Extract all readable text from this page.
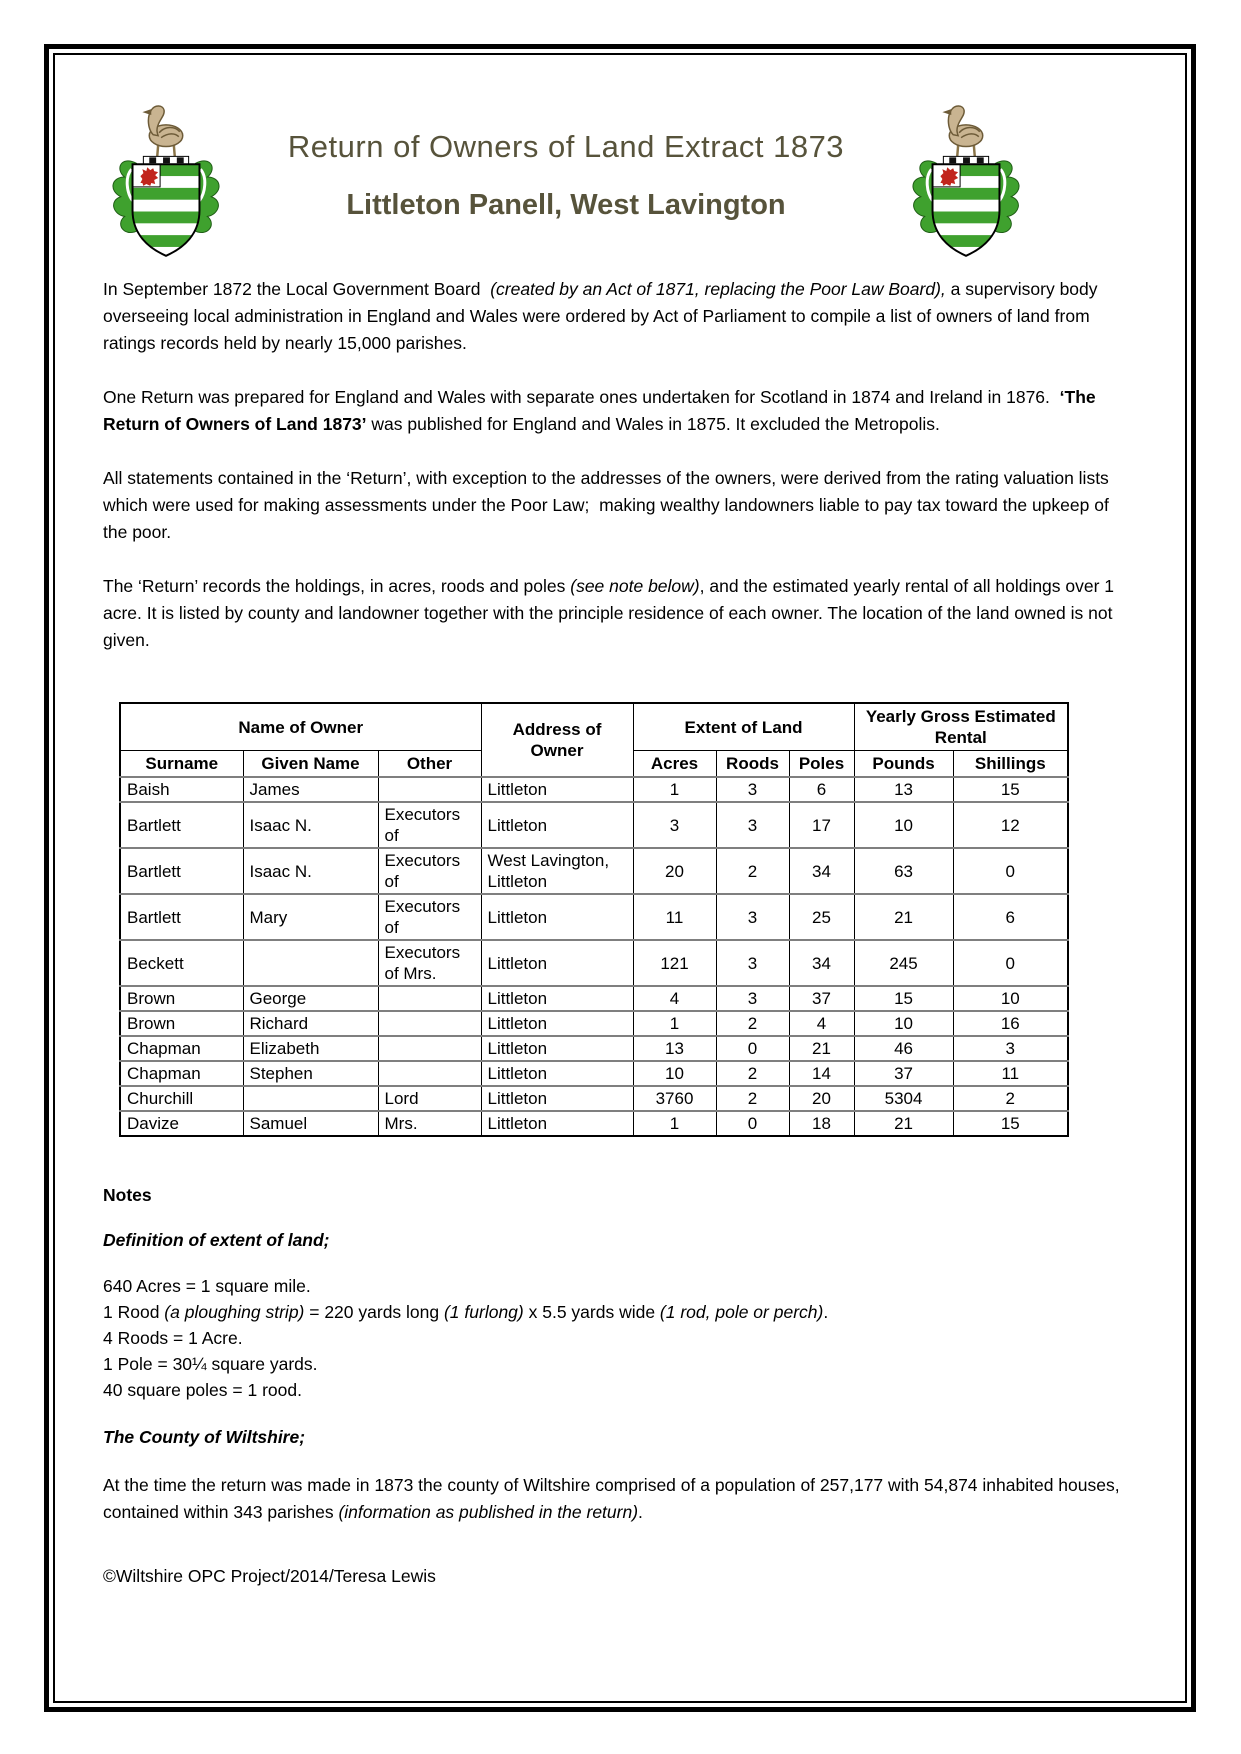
Return of Owners of Land Extract 1873
Littleton Panell, West Lavington

In September 1872 the Local Government Board  (created by an Act of 1871, replacing the Poor Law Board), a supervisory body overseeing local administration in England and Wales were ordered by Act of Parliament to compile a list of owners of land from ratings records held by nearly 15,000 parishes.

One Return was prepared for England and Wales with separate ones undertaken for Scotland in 1874 and Ireland in 1876.  ‘The Return of Owners of Land 1873’ was published for England and Wales in 1875. It excluded the Metropolis.

All statements contained in the ‘Return’, with exception to the addresses of the owners, were derived from the rating valuation lists which were used for making assessments under the Poor Law;  making wealthy landowners liable to pay tax toward the upkeep of the poor.

The ‘Return’ records the holdings, in acres, roods and poles (see note below), and the estimated yearly rental of all holdings over 1 acre. It is listed by county and landowner together with the principle residence of each owner. The location of the land owned is not given.

Name of Owner			Address of Owner	Extent of Land			Yearly Gross Estimated Rental	
Surname	Given Name	Other		Acres	Roods	Poles	Pounds	Shillings
Baish	James		Littleton	1	3	6	13	15
Bartlett	Isaac N.	Executors of	Littleton	3	3	17	10	12
Bartlett	Isaac N.	Executors of	West Lavington, Littleton	20	2	34	63	0
Bartlett	Mary	Executors of	Littleton	11	3	25	21	6
Beckett		Executors of Mrs.	Littleton	121	3	34	245	0
Brown	George		Littleton	4	3	37	15	10
Brown	Richard		Littleton	1	2	4	10	16
Chapman	Elizabeth		Littleton	13	0	21	46	3
Chapman	Stephen		Littleton	10	2	14	37	11
Churchill		Lord	Littleton	3760	2	20	5304	2
Davize	Samuel	Mrs.	Littleton	1	0	18	21	15
Notes
Definition of extent of land;
640 Acres = 1 square mile.
1 Rood (a ploughing strip) = 220 yards long (1 furlong) x 5.5 yards wide (1 rod, pole or perch).
4 Roods = 1 Acre.
1 Pole = 30¼ square yards.
40 square poles = 1 rood.
The County of Wiltshire;
At the time the return was made in 1873 the county of Wiltshire comprised of a population of 257,177 with 54,874 inhabited houses, contained within 343 parishes (information as published in the return).
©Wiltshire OPC Project/2014/Teresa Lewis
